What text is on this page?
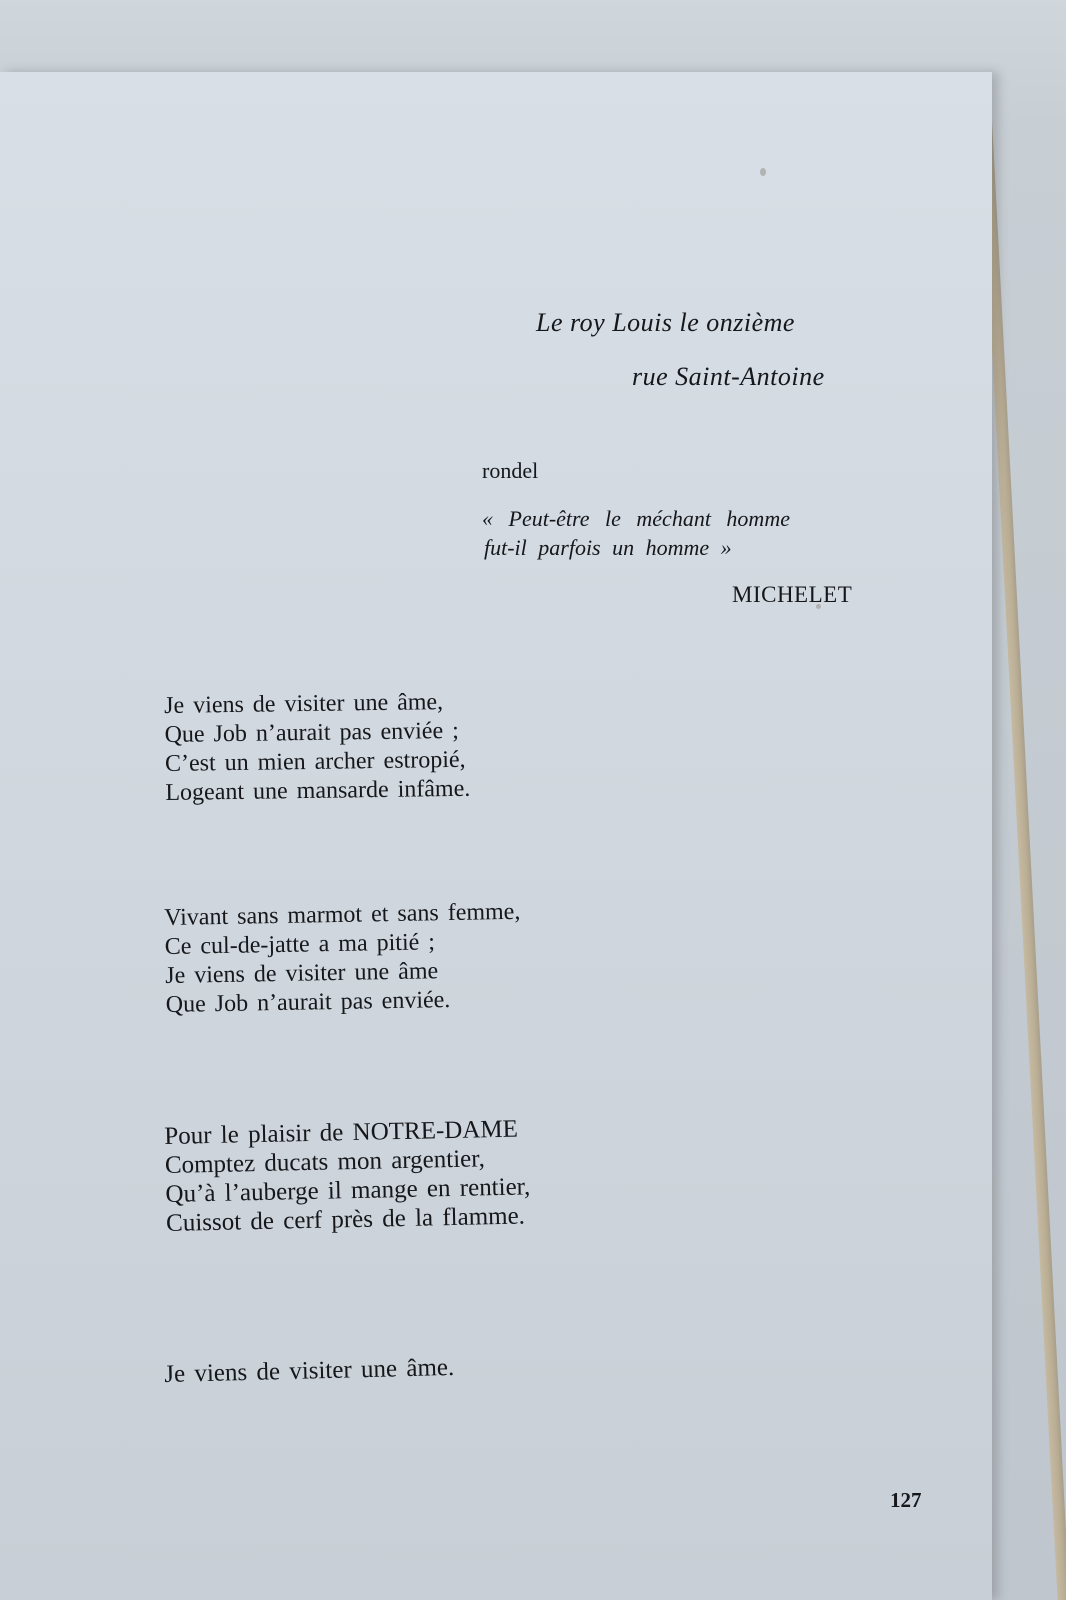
Le roy Louis le onzième
rue Saint-Antoine
rondel
« Peut-être le méchant homme
fut-il parfois un homme »
MICHELET
Je viens de visiter une âme,
Que Job n’aurait pas enviée ;
C’est un mien archer estropié,
Logeant une mansarde infâme.
Vivant sans marmot et sans femme,
Ce cul-de-jatte a ma pitié ;
Je viens de visiter une âme
Que Job n’aurait pas enviée.
Pour le plaisir de NOTRE-DAME
Comptez ducats mon argentier,
Qu’à l’auberge il mange en rentier,
Cuissot de cerf près de la flamme.
Je viens de visiter une âme.
127
